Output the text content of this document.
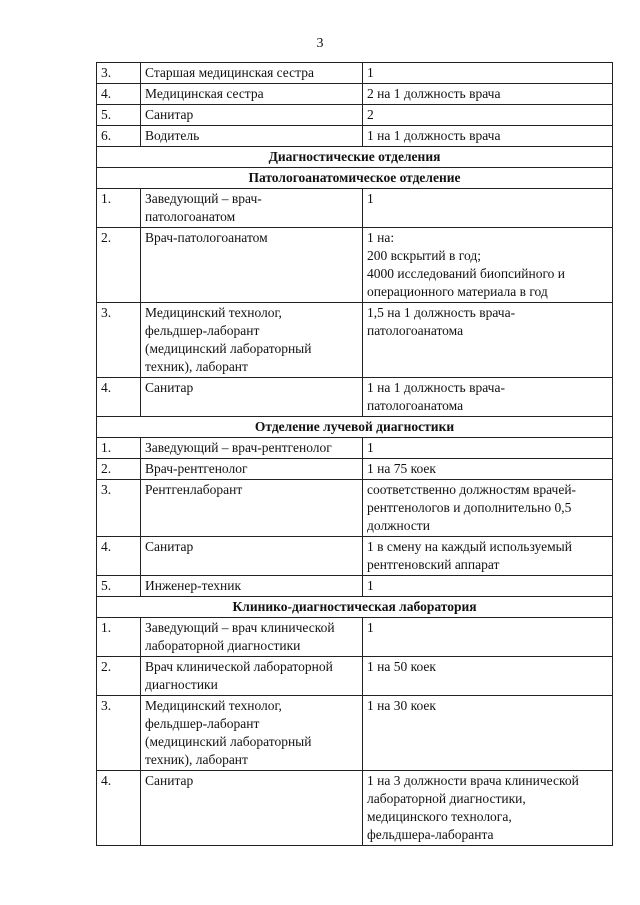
3
3.	Старшая медицинская сестра	1
4.	Медицинская сестра	2 на 1 должность врача
5.	Санитар	2
6.	Водитель	1 на 1 должность врача
Диагностические отделения		
Патологоанатомическое отделение		
1.	Заведующий – врач-
патологоанатом	1
2.	Врач-патологоанатом	1 на:
200 вскрытий в год;
4000 исследований биопсийного и
операционного материала в год
3.	Медицинский технолог,
фельдшер-лаборант
(медицинский лабораторный
техник), лаборант	1,5 на 1 должность врача-
патологоанатома
4.	Санитар	1 на 1 должность врача-
патологоанатома
Отделение лучевой диагностики		
1.	Заведующий – врач-рентгенолог	1
2.	Врач-рентгенолог	1 на 75 коек
3.	Рентгенлаборант	соответственно должностям врачей-
рентгенологов и дополнительно 0,5
должности
4.	Санитар	1 в смену на каждый используемый
рентгеновский аппарат
5.	Инженер-техник	1
Клинико-диагностическая лаборатория		
1.	Заведующий – врач клинической
лабораторной диагностики	1
2.	Врач клинической лабораторной
диагностики	1 на 50 коек
3.	Медицинский технолог,
фельдшер-лаборант
(медицинский лабораторный
техник), лаборант	1 на 30 коек
4.	Санитар	1 на 3 должности врача клинической
лабораторной диагностики,
медицинского технолога,
фельдшера-лаборанта
